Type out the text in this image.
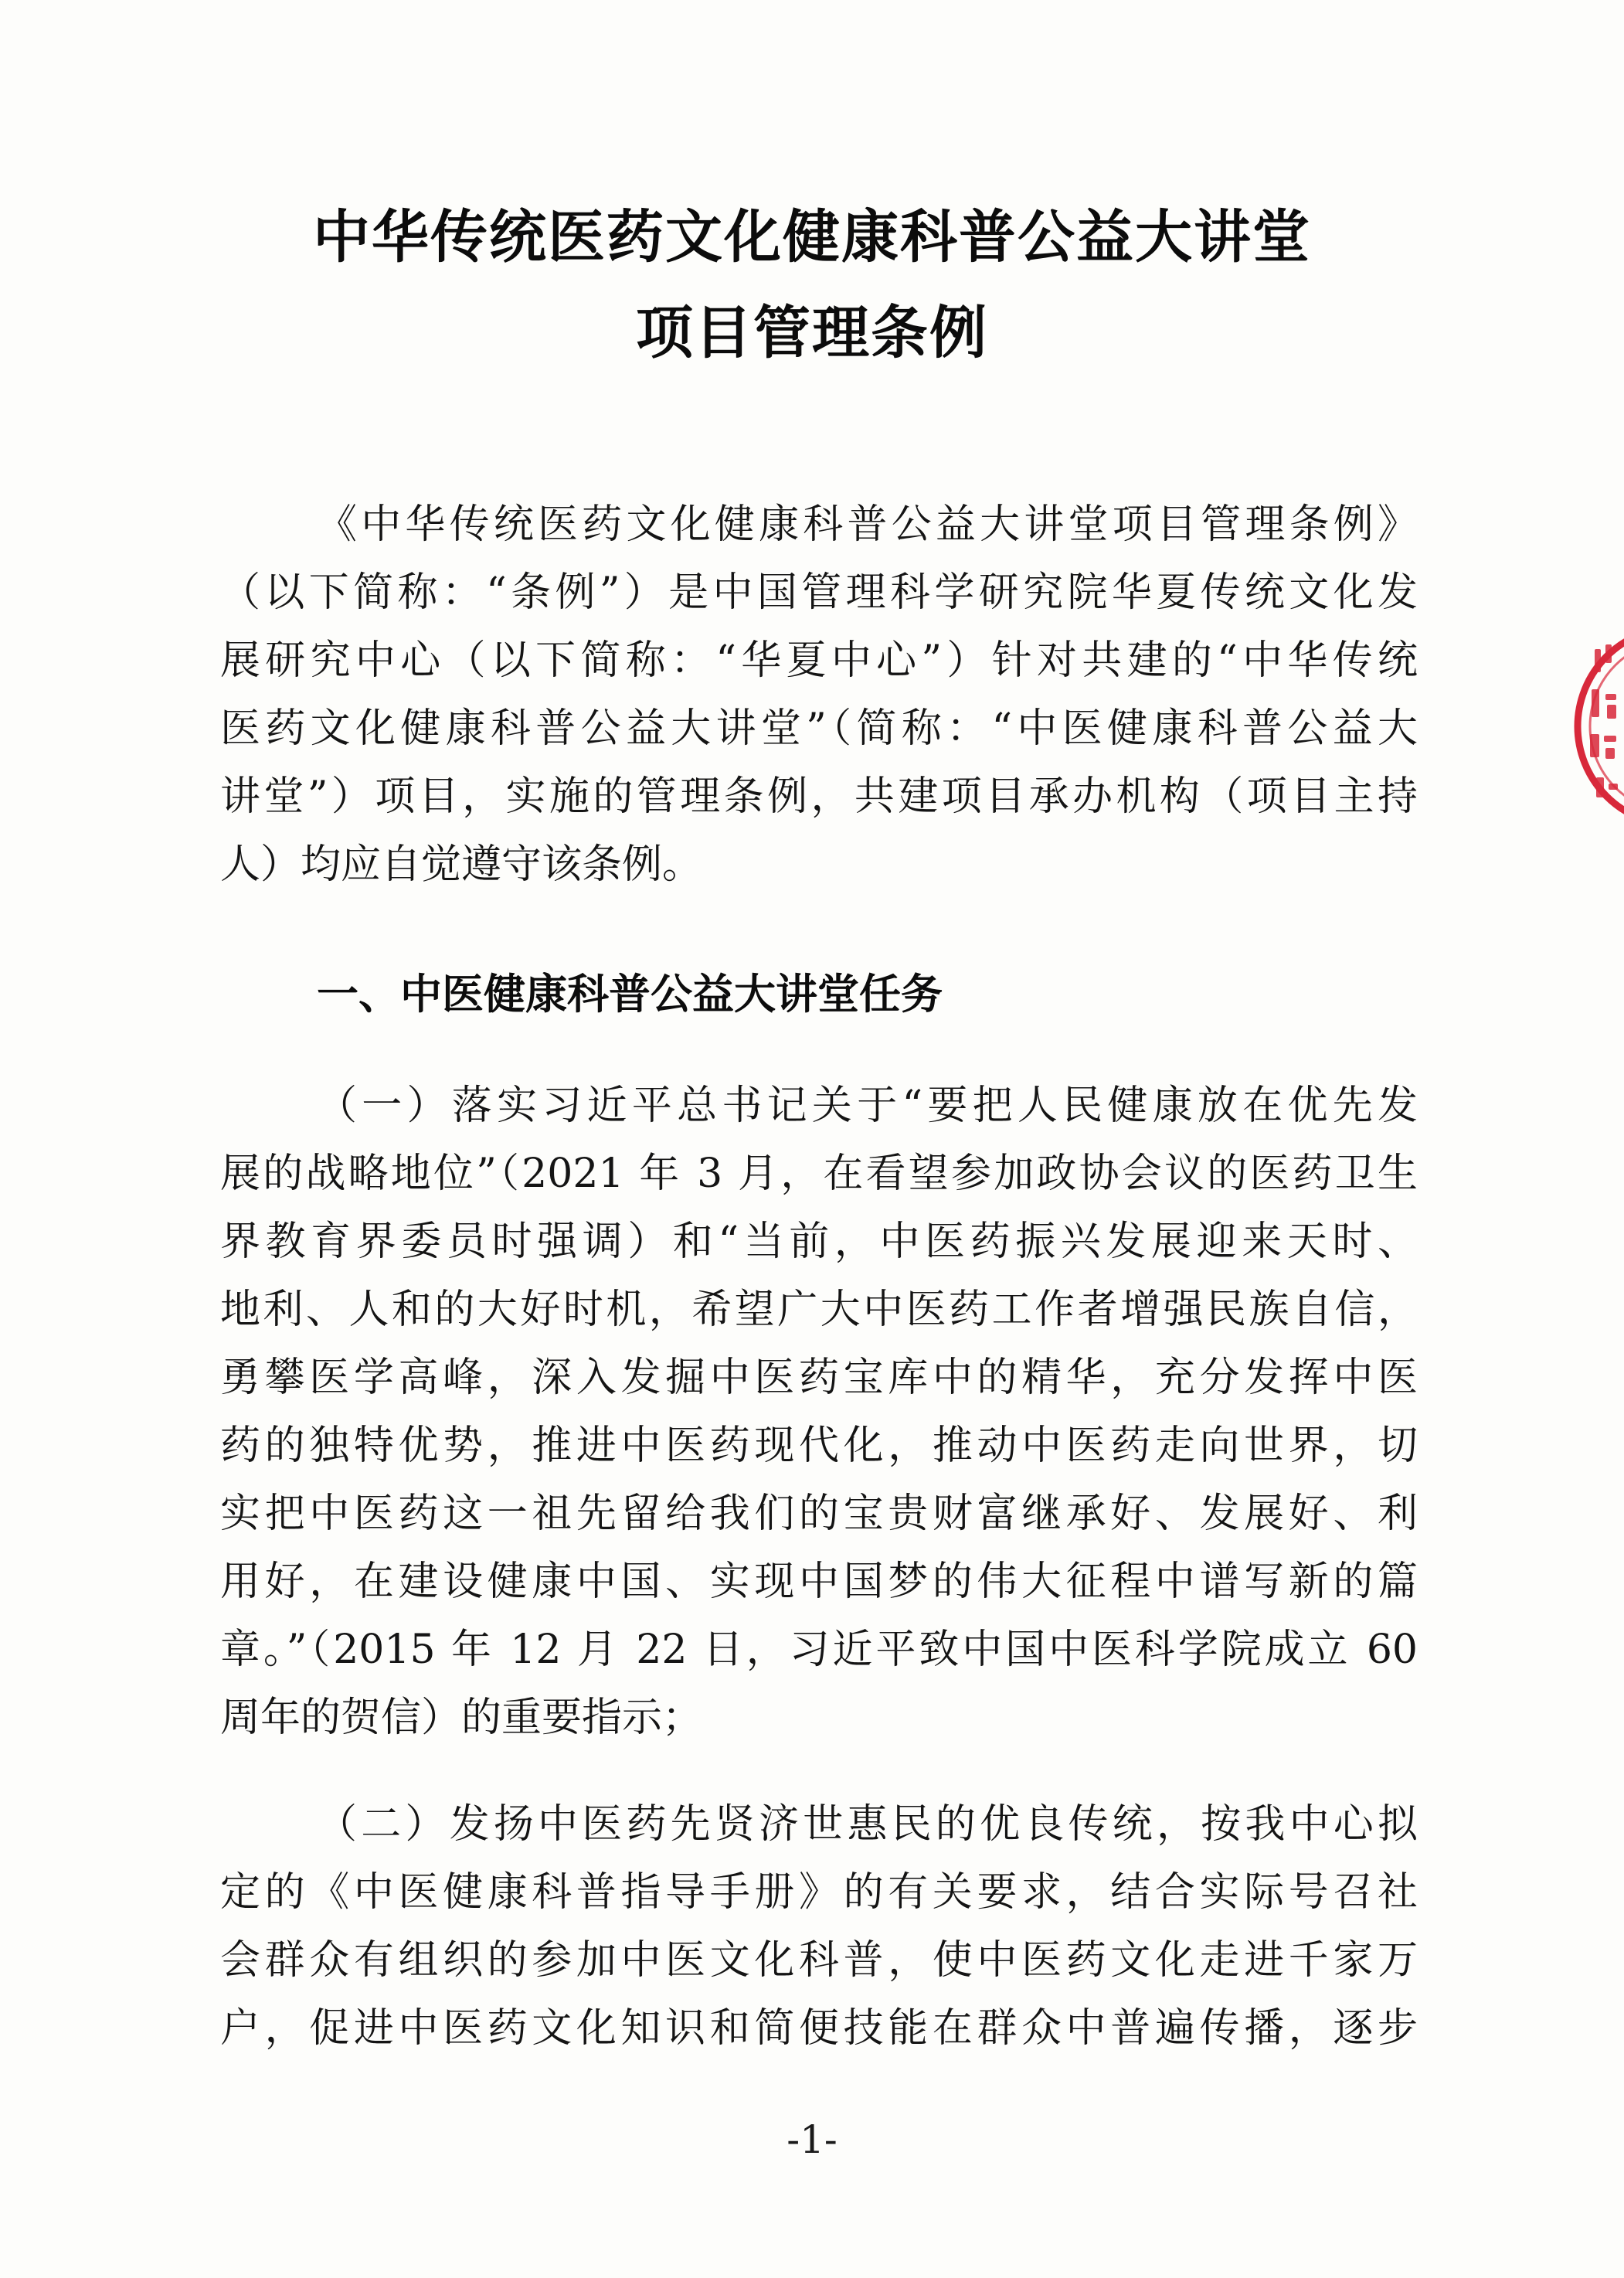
中华传统医药文化健康科普公益大讲堂
项目管理条例
《中华传统医药文化健康科普公益大讲堂项目管理条例》
（以下简称：“条例”）是中国管理科学研究院华夏传统文化发
展研究中心（以下简称：“华夏中心”）针对共建的“中华传统
医药文化健康科普公益大讲堂”（简称：“中医健康科普公益大
讲堂”）项目，实施的管理条例，共建项目承办机构（项目主持
人）均应自觉遵守该条例。
一、中医健康科普公益大讲堂任务
（一）落实习近平总书记关于“要把人民健康放在优先发
展的战略地位”（2021 年 3 月，在看望参加政协会议的医药卫生
界教育界委员时强调）和“当前，中医药振兴发展迎来天时、
地利、人和的大好时机，希望广大中医药工作者增强民族自信，
勇攀医学高峰，深入发掘中医药宝库中的精华，充分发挥中医
药的独特优势，推进中医药现代化，推动中医药走向世界，切
实把中医药这一祖先留给我们的宝贵财富继承好、发展好、利
用好，在建设健康中国、实现中国梦的伟大征程中谱写新的篇
章。”（2015 年 12 月 22 日，习近平致中国中医科学院成立 60
周年的贺信）的重要指示；
（二）发扬中医药先贤济世惠民的优良传统，按我中心拟
定的《中医健康科普指导手册》的有关要求，结合实际号召社
会群众有组织的参加中医文化科普，使中医药文化走进千家万
户，促进中医药文化知识和简便技能在群众中普遍传播，逐步
-1-
